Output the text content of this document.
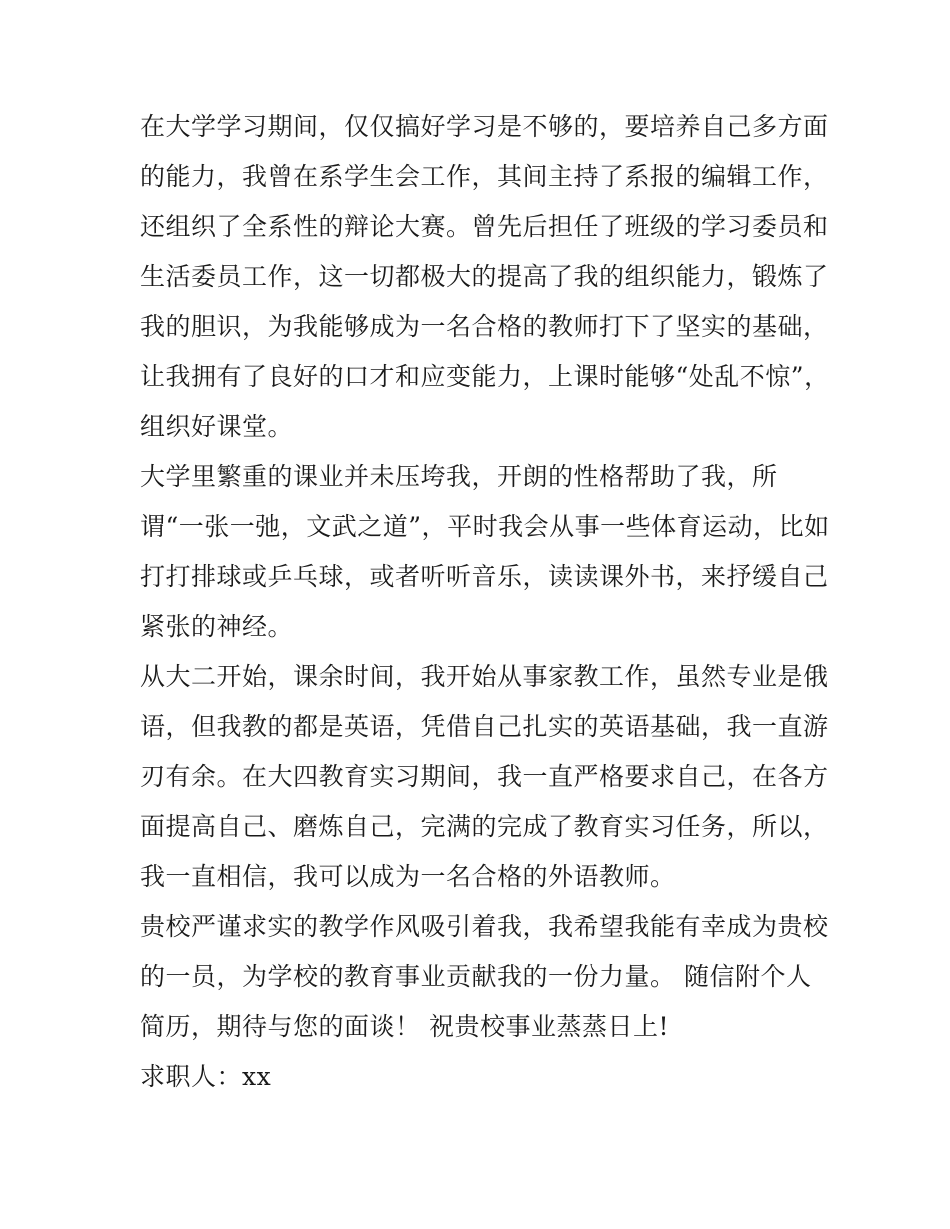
在大学学习期间，仅仅搞好学习是不够的，要培养自己多方面
的能力，我曾在系学生会工作，其间主持了系报的编辑工作，
还组织了全系性的辩论大赛。曾先后担任了班级的学习委员和
生活委员工作，这一切都极大的提高了我的组织能力，锻炼了
我的胆识，为我能够成为一名合格的教师打下了坚实的基础，
让我拥有了良好的口才和应变能力，上课时能够“处乱不惊”，
组织好课堂。
大学里繁重的课业并未压垮我，开朗的性格帮助了我，所
谓“一张一弛，文武之道”，平时我会从事一些体育运动，比如
打打排球或乒乓球，或者听听音乐，读读课外书，来抒缓自己
紧张的神经。
从大二开始，课余时间，我开始从事家教工作，虽然专业是俄
语，但我教的都是英语，凭借自己扎实的英语基础，我一直游
刃有余。在大四教育实习期间，我一直严格要求自己，在各方
面提高自己、磨炼自己，完满的完成了教育实习任务，所以，
我一直相信，我可以成为一名合格的外语教师。
贵校严谨求实的教学作风吸引着我，我希望我能有幸成为贵校
的一员，为学校的教育事业贡献我的一份力量。 随信附个人
简历，期待与您的面谈！ 祝贵校事业蒸蒸日上!
求职人：xx
